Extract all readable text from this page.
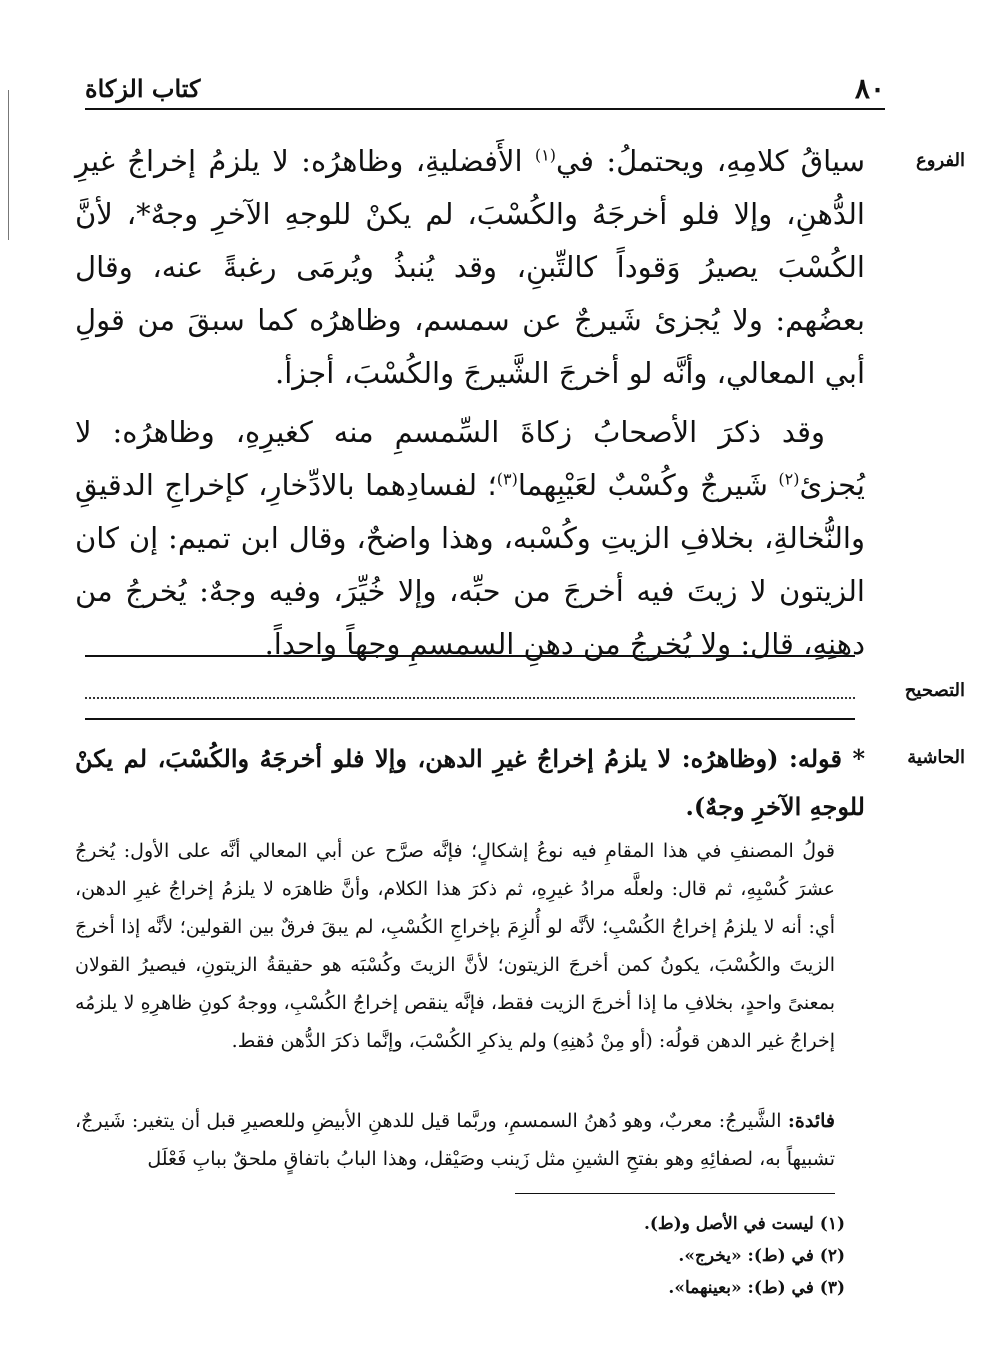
٨٠
كتاب الزكاة
الفروع

سياقُ كلامِهِ، ويحتملُ: في$^{(١)}$ الأَفضليةِ، وظاهرُه: لا يلزمُ إخراجُ غيرِ الدُّهنِ، وإلا فلو أخرجَهُ والكُسْبَ، لم يكنْ للوجهِ الآخرِ وجهٌ*، لأنَّ الكُسْبَ يصيرُ وَقوداً كالتِّبنِ، وقد يُنبذُ ويُرمَى رغبةً عنه، وقال بعضُهم: ولا يُجزئ شَيرجٌ عن سمسم، وظاهرُه كما سبقَ من قولِ أبي المعالي، وأنَّه لو أخرجَ الشَّيرجَ والكُسْبَ، أجزأ.

وقد ذكرَ الأصحابُ زكاةَ السِّمسمِ منه كغيرِهِ، وظاهرُه: لا يُجزئ$^{(٢)}$ شَيرجٌ وكُسْبٌ لعَيْبِهما$^{(٣)}$؛ لفسادِهما بالادِّخارِ، كإخراجِ الدقيقِ والنُّخالةِ، بخلافِ الزيتِ وكُسْبه، وهذا واضحٌ، وقال ابن تميم: إن كان الزيتون لا زيتَ فيه أخرجَ من حبِّه، وإلا خُيِّرَ، وفيه وجهٌ: يُخرجُ من دهنِهِ، قال: ولا يُخرجُ من دهنِ السمسمِ وجهاً واحداً.

التصحيح
الحاشية
* قوله: (وظاهرُه: لا يلزمُ إخراجُ غيرِ الدهن، وإلا فلو أخرجَهُ والكُسْبَ، لم يكنْ للوجهِ الآخرِ وجهٌ).

قولُ المصنفِ في هذا المقامِ فيه نوعُ إشكالٍ؛ فإنَّه صرَّح عن أبي المعالي أنَّه على الأول: يُخرجُ عشرَ كُسْبِهِ، ثم قال: ولعلَّه مرادُ غيرِهِ، ثم ذكرَ هذا الكلام، وأنَّ ظاهرَه لا يلزمُ إخراجُ غيرِ الدهن، أي: أنه لا يلزمُ إخراجُ الكُسْبِ؛ لأنَّه لو أُلزِمَ بإخراجِ الكُسْبِ، لم يبقَ فرقٌ بين القولين؛ لأنَّه إذا أخرجَ الزيتَ والكُسْبَ، يكونُ كمن أخرجَ الزيتون؛ لأنَّ الزيتَ وكُسْبَه هو حقيقةُ الزيتونِ، فيصيرُ القولان بمعنىً واحدٍ، بخلافِ ما إذا أخرجَ الزيت فقط، فإنَّه ينقص إخراجُ الكُسْبِ، ووجهُ كونِ ظاهرِهِ لا يلزمُه إخراجُ غير الدهن قولُه: (أو مِنْ دُهنِهِ) ولم يذكرِ الكُسْبَ، وإنَّما ذكرَ الدُّهن فقط.

فائدة: الشَّيرجُ: معربٌ، وهو دُهنُ السمسمِ، وربَّما قيل للدهنِ الأبيضِ وللعصيرِ قبل أن يتغير: شَيرجٌ، تشبيهاً به، لصفائِهِ وهو بفتحِ الشينِ مثل زَينب وصَيْقل، وهذا البابُ باتفاقٍ ملحقٌ ببابِ فَعْلَل
(١) ليست في الأصل و(ط).
(٢) في (ط): «يخرج».
(٣) في (ط): «بعينهما».
